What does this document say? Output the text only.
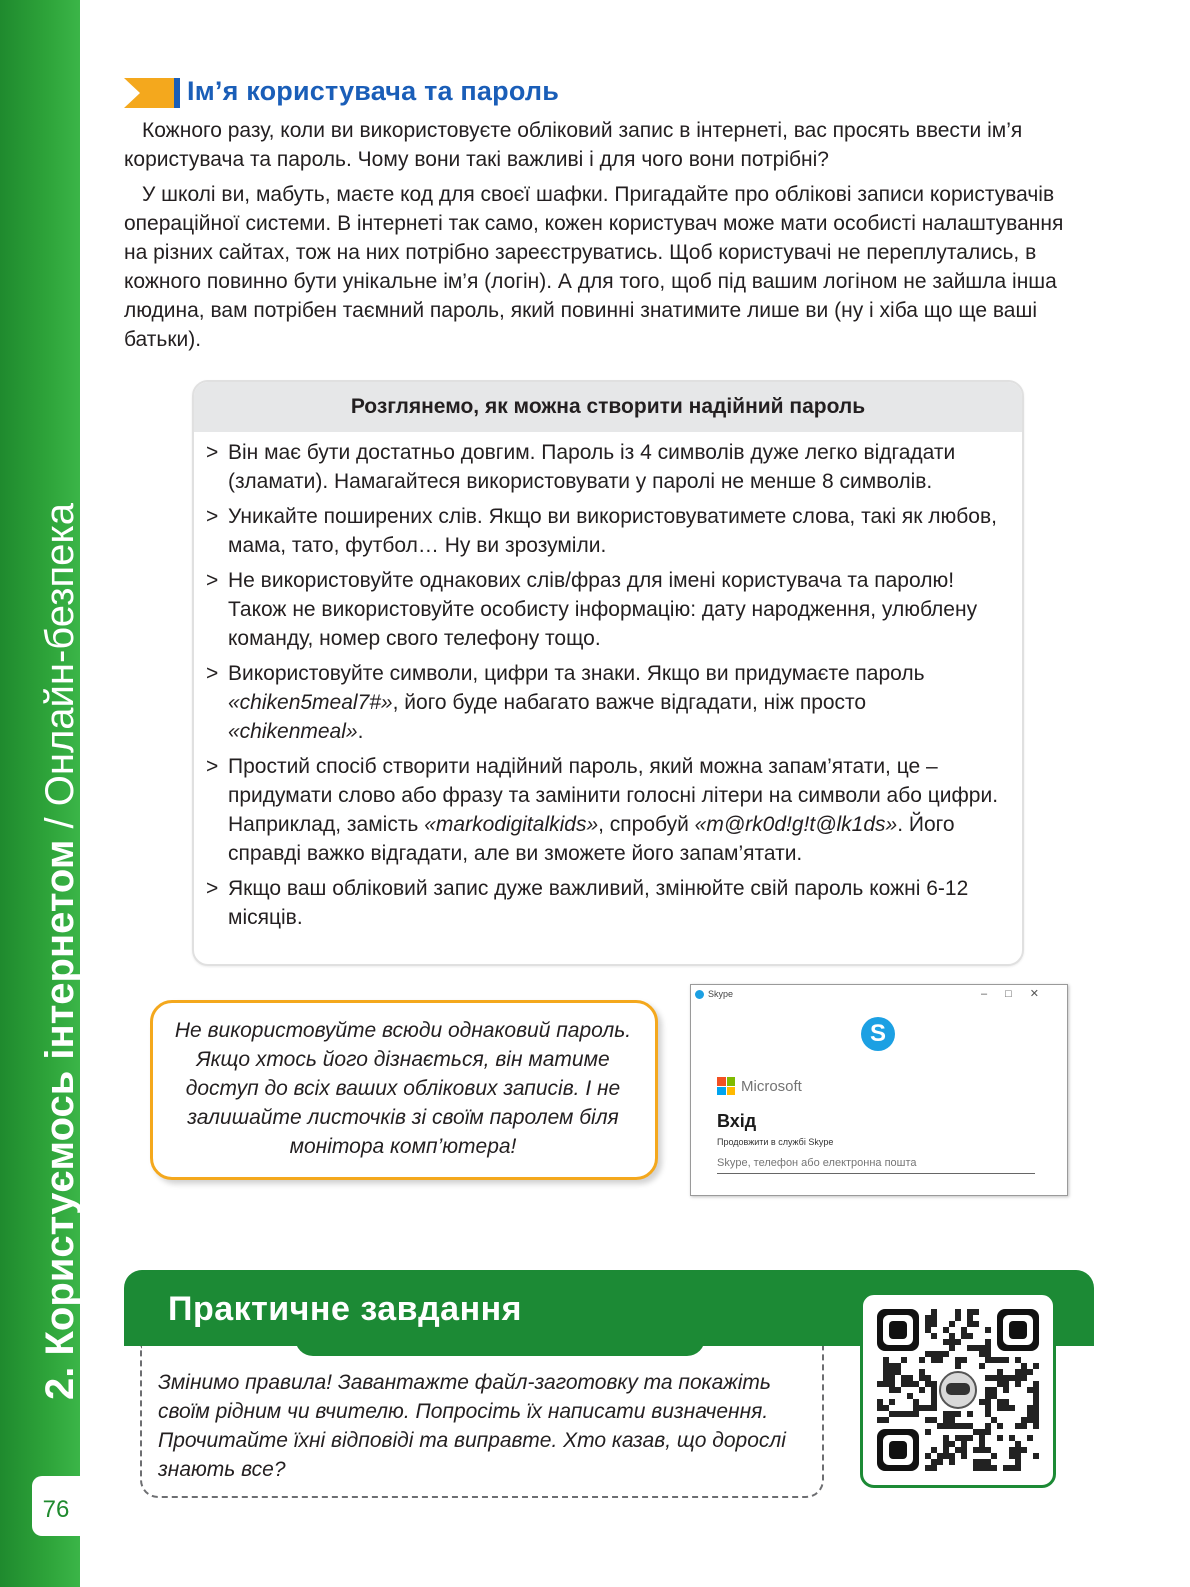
2. Користуємось інтернетом / Онлайн-безпека
76
Ім’я користувача та пароль

Кожного разу, коли ви використовуєте обліковий запис в інтернеті, вас просять ввести ім’я користувача та пароль. Чому вони такі важливі і для чого вони потрібні?

У школі ви, мабуть, маєте код для своєї шафки. Пригадайте про облікові записи користувачів операційної системи. В інтернеті так само, кожен користувач може мати особисті налаштування на різних сайтах, тож на них потрібно зареєструватись. Щоб користувачі не переплутались, в кожного повинно бути унікальне ім’я (логін). А для того, щоб під вашим логіном не зайшла інша людина, вам потрібен таємний пароль, який повинні знатимите лише ви (ну і хіба що ще ваші батьки).

Розглянемо, як можна створити надійний пароль
> Він має бути достатньо довгим. Пароль із 4 символів дуже легко відгадати (зламати). Намагайтеся використовувати у паролі не менше 8 символів.
> Уникайте поширених слів. Якщо ви використовуватимете слова, такі як любов, мама, тато, футбол… Ну ви зрозуміли.
> Не використовуйте однакових слів/фраз для імені користувача та паролю! Також не використовуйте особисту інформацію: дату народження, улюблену команду, номер свого телефону тощо.
> Використовуйте символи, цифри та знаки. Якщо ви придумаєте пароль «chiken5meal7#», його буде набагато важче відгадати, ніж просто «chikenmeal».
> Простий спосіб створити надійний пароль, який можна запам’ятати, це – придумати слово або фразу та замінити голосні літери на символи або цифри. Наприклад, замість «markodigitalkids», спробуй «m@rk0d!g!t@lk1ds». Його справді важко відгадати, але ви зможете його запам’ятати.
> Якщо ваш обліковий запис дуже важливий, змінюйте свій пароль кожні 6-12 місяців.

Не використовуйте всюди однаковий пароль. Якщо хтось його дізнається, він матиме доступ до всіх ваших облікових записів. І не залишайте листочків зі своїм паролем біля монітора комп’ютера!

Skype	–□✕
S
Microsoft
Вхід
Продовжити в службі Skype
Skype, телефон або електронна пошта
Практичне завдання

Змінимо правила! Завантажте файл-заготовку та покажіть своїм рідним чи вчителю. Попросіть їх написати визначення. Прочитайте їхні відповіді та виправте. Хто казав, що дорослі знають все?
